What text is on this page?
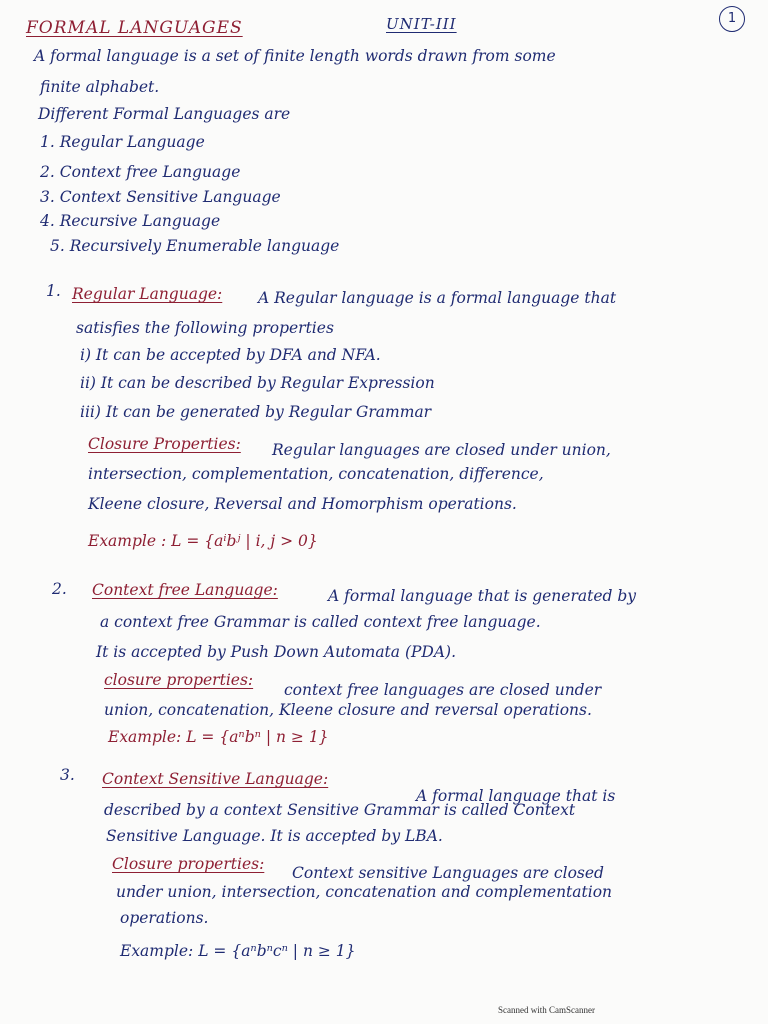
FORMAL LANGUAGES	UNIT-III	1
A formal language is a set of finite length words drawn from some
finite alphabet.
Different Formal Languages are
1. Regular Language
2. Context free Language
3. Context Sensitive Language
4. Recursive Language
5. Recursively Enumerable language
1. Regular Language: A Regular language is a formal language that
satisfies the following properties
i) It can be accepted by DFA and NFA.
ii) It can be described by Regular Expression
iii) It can be generated by Regular Grammar
Closure Properties: Regular languages are closed under union,
intersection, complementation, concatenation, difference,
Kleene closure, Reversal and Homorphism operations.
Example : L = {aⁱbʲ | i, j > 0}
2. Context free Language:	A formal language that is generated by
a context free Grammar is called context free language.
It is accepted by Push Down Automata (PDA).
closure properties:
context free languages are closed under
union, concatenation, Kleene closure and reversal operations.
Example: L = {aⁿbⁿ | n ≥ 1}
3. Context Sensitive Language:
A formal language that is
described by a context Sensitive Grammar is called Context
Sensitive Language. It is accepted by LBA.
Closure properties: Context sensitive Languages are closed
under union, intersection, concatenation and complementation
operations.
Example: L = {aⁿbⁿcⁿ | n ≥ 1}
Scanned with CamScanner
